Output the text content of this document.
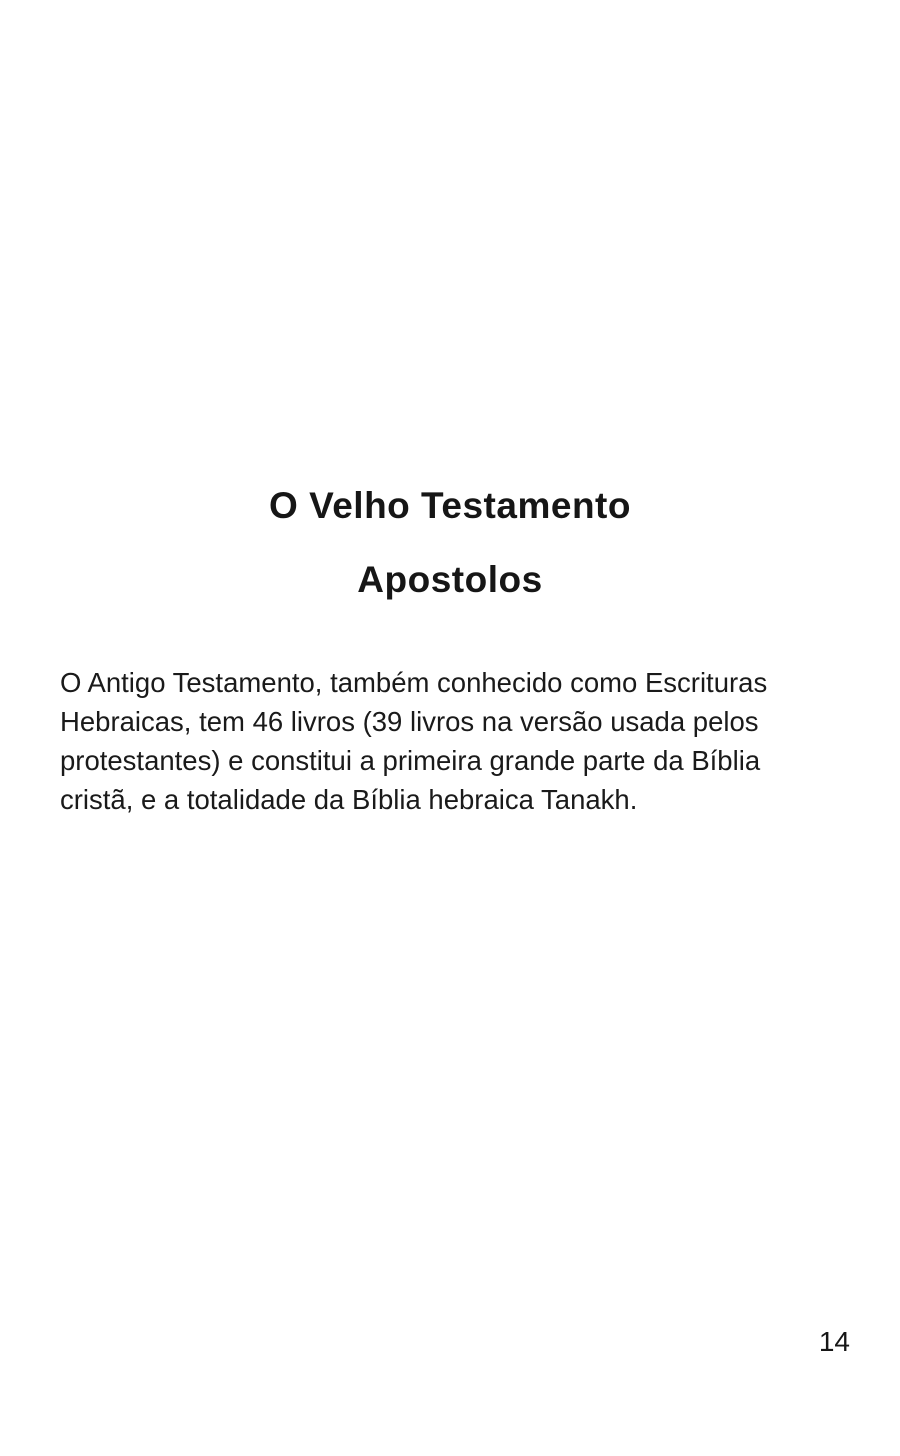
O Velho Testamento
Apostolos

O Antigo Testamento, também conhecido como Escrituras Hebraicas, tem 46 livros (39 livros na versão usada pelos protestantes) e constitui a primeira grande parte da Bíblia cristã, e a totalidade da Bíblia hebraica Tanakh.

14
